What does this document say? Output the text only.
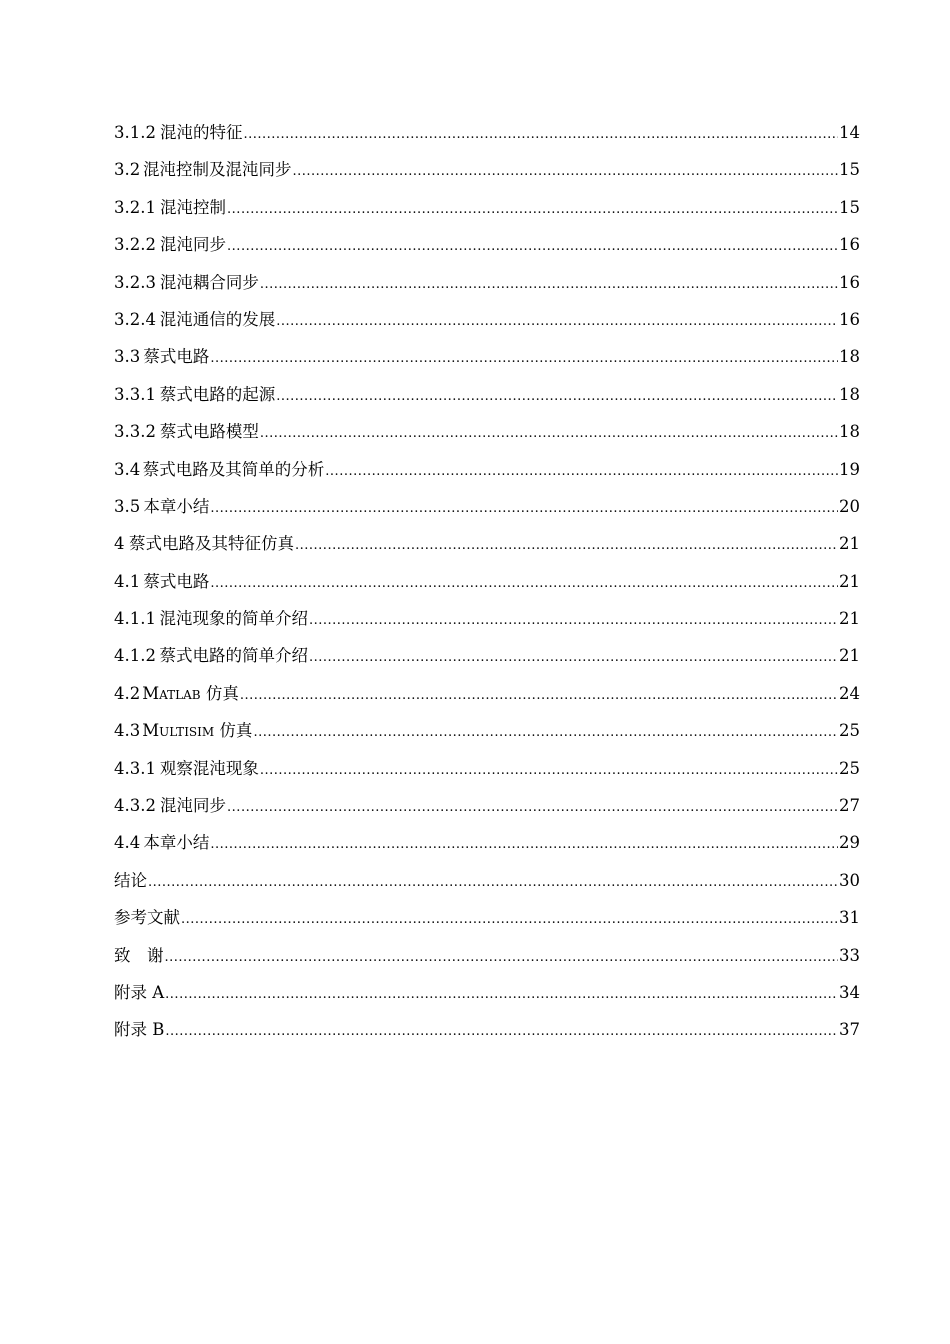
3.1.2 混沌的特征 .....	14
3.2 混沌控制及混沌同步 .....	15
3.2.1 混沌控制 .....	15
3.2.2 混沌同步 .....	16
3.2.3 混沌耦合同步 .....	16
3.2.4 混沌通信的发展 .....	16
3.3 蔡式电路 .....	18
3.3.1 蔡式电路的起源 .....	18
3.3.2 蔡式电路模型 .....	18
3.4 蔡式电路及其简单的分析 .....	19
3.5 本章小结 .....	20
4 蔡式电路及其特征仿真 .....	21
4.1 蔡式电路 .....	21
4.1.1 混沌现象的简单介绍 .....	21
4.1.2 蔡式电路的简单介绍 .....	21
4.2 Matlab 仿真 .....	24
4.3 Multisim 仿真 .....	25
4.3.1 观察混沌现象 .....	25
4.3.2 混沌同步 .....	27
4.4 本章小结 .....	29
结论 .....	30
参考文献 .....	31
致　谢 .....	33
附录 A .....	34
附录 B .....	37
